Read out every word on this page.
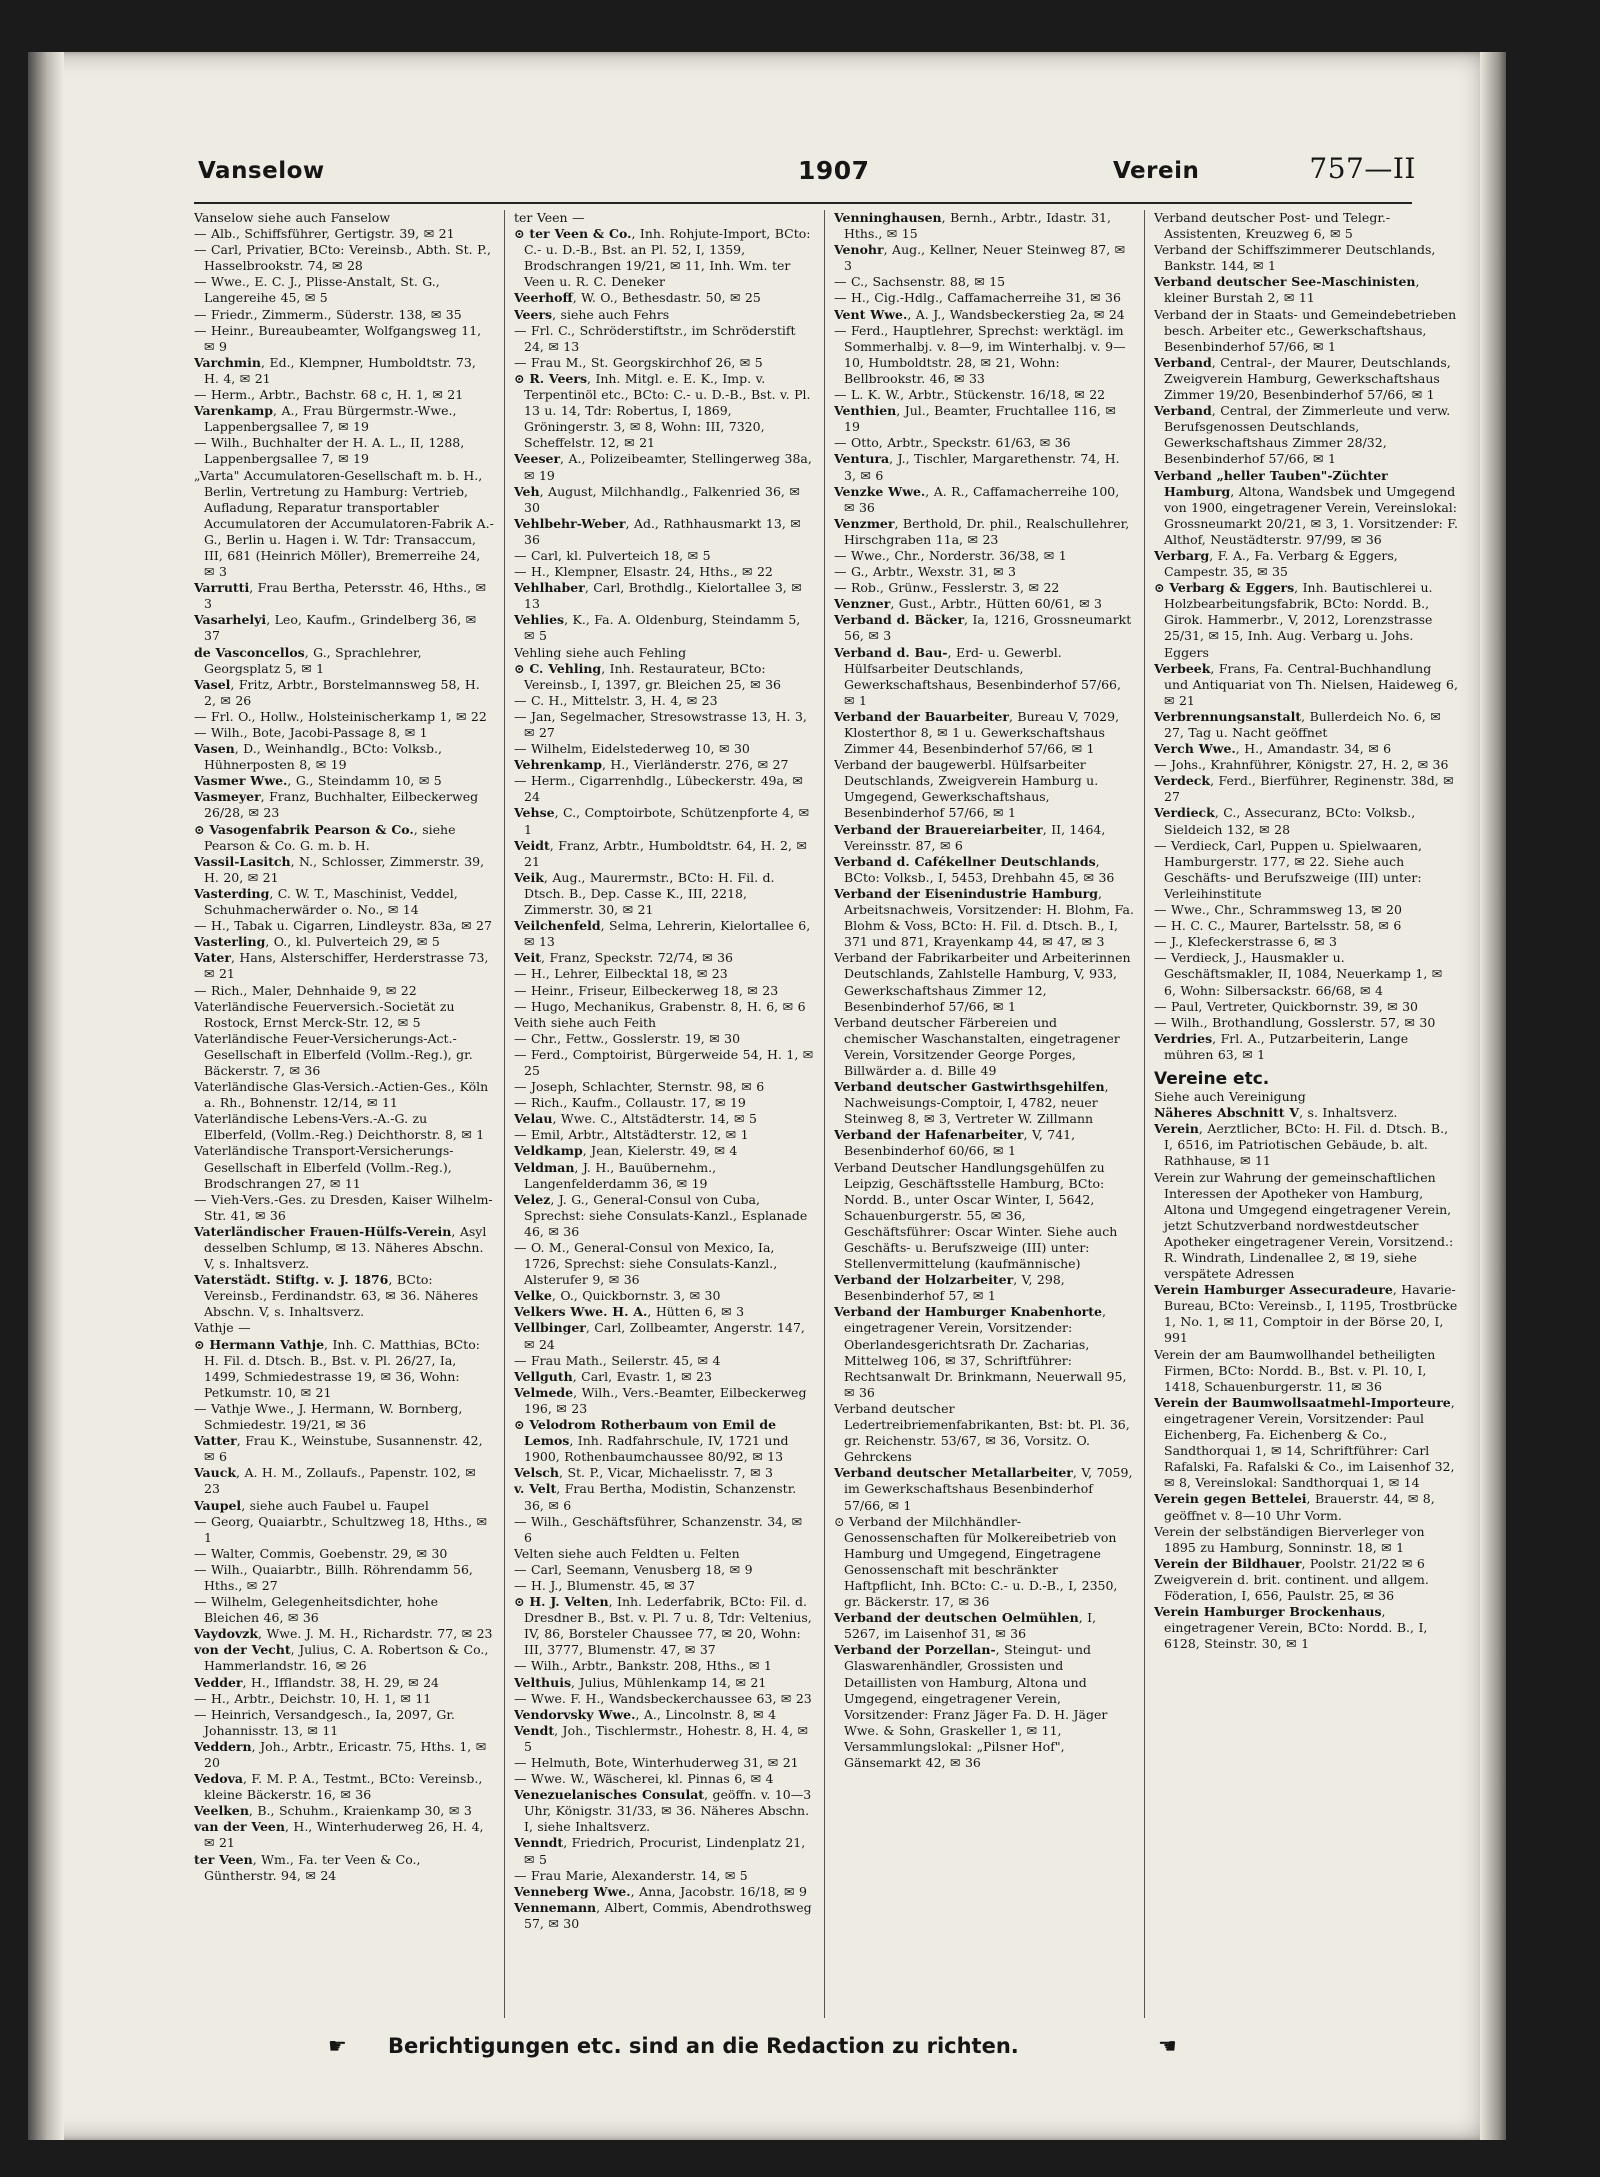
Vanselow	1907	Verein	757—II

Vanselow siehe auch Fanselow

— Alb., Schiffsführer, Gertigstr. 39, ✉ 21

— Carl, Privatier, BCto: Vereinsb., Abth. St. P., Hasselbrookstr. 74, ✉ 28

— Wwe., E. C. J., Plisse-Anstalt, St. G., Langereihe 45, ✉ 5

— Friedr., Zimmerm., Süderstr. 138, ✉ 35

— Heinr., Bureaubeamter, Wolfgangsweg 11, ✉ 9

Varchmin, Ed., Klempner, Humboldtstr. 73, H. 4, ✉ 21

— Herm., Arbtr., Bachstr. 68 c, H. 1, ✉ 21

Varenkamp, A., Frau Bürgermstr.-Wwe., Lappenbergsallee 7, ✉ 19

— Wilh., Buchhalter der H. A. L., II, 1288, Lappenbergsallee 7, ✉ 19

„Varta" Accumulatoren-Gesellschaft m. b. H., Berlin, Vertretung zu Hamburg: Vertrieb, Aufladung, Reparatur transportabler Accumulatoren der Accumulatoren-Fabrik A.-G., Berlin u. Hagen i. W. Tdr: Transaccum, III, 681 (Heinrich Möller), Bremerreihe 24, ✉ 3

Varrutti, Frau Bertha, Petersstr. 46, Hths., ✉ 3

Vasarhelyi, Leo, Kaufm., Grindelberg 36, ✉ 37

de Vasconcellos, G., Sprachlehrer, Georgsplatz 5, ✉ 1

Vasel, Fritz, Arbtr., Borstelmannsweg 58, H. 2, ✉ 26

— Frl. O., Hollw., Holsteinischerkamp 1, ✉ 22

— Wilh., Bote, Jacobi-Passage 8, ✉ 1

Vasen, D., Weinhandlg., BCto: Volksb., Hühnerposten 8, ✉ 19

Vasmer Wwe., G., Steindamm 10, ✉ 5

Vasmeyer, Franz, Buchhalter, Eilbeckerweg 26/28, ✉ 23

⊙ Vasogenfabrik Pearson & Co., siehe Pearson & Co. G. m. b. H.

Vassil-Lasitch, N., Schlosser, Zimmerstr. 39, H. 20, ✉ 21

Vasterding, C. W. T., Maschinist, Veddel, Schuhmacherwärder o. No., ✉ 14

— H., Tabak u. Cigarren, Lindleystr. 83a, ✉ 27

Vasterling, O., kl. Pulverteich 29, ✉ 5

Vater, Hans, Alsterschiffer, Herderstrasse 73, ✉ 21

— Rich., Maler, Dehnhaide 9, ✉ 22

Vaterländische Feuerversich.-Societät zu Rostock, Ernst Merck-Str. 12, ✉ 5

Vaterländische Feuer-Versicherungs-Act.-Gesellschaft in Elberfeld (Vollm.-Reg.), gr. Bäckerstr. 7, ✉ 36

Vaterländische Glas-Versich.-Actien-Ges., Köln a. Rh., Bohnenstr. 12/14, ✉ 11

Vaterländische Lebens-Vers.-A.-G. zu Elberfeld, (Vollm.-Reg.) Deichthorstr. 8, ✉ 1

Vaterländische Transport-Versicherungs-Gesellschaft in Elberfeld (Vollm.-Reg.), Brodschrangen 27, ✉ 11

— Vieh-Vers.-Ges. zu Dresden, Kaiser Wilhelm-Str. 41, ✉ 36

Vaterländischer Frauen-Hülfs-Verein, Asyl desselben Schlump, ✉ 13. Näheres Abschn. V, s. Inhaltsverz.

Vaterstädt. Stiftg. v. J. 1876, BCto: Vereinsb., Ferdinandstr. 63, ✉ 36. Näheres Abschn. V, s. Inhaltsverz.

Vathje —

⊙ Hermann Vathje, Inh. C. Matthias, BCto: H. Fil. d. Dtsch. B., Bst. v. Pl. 26/27, Ia, 1499, Schmiedestrasse 19, ✉ 36, Wohn: Petkumstr. 10, ✉ 21

— Vathje Wwe., J. Hermann, W. Bornberg, Schmiedestr. 19/21, ✉ 36

Vatter, Frau K., Weinstube, Susannenstr. 42, ✉ 6

Vauck, A. H. M., Zollaufs., Papenstr. 102, ✉ 23

Vaupel, siehe auch Faubel u. Faupel

— Georg, Quaiarbtr., Schultzweg 18, Hths., ✉ 1

— Walter, Commis, Goebenstr. 29, ✉ 30

— Wilh., Quaiarbtr., Billh. Röhrendamm 56, Hths., ✉ 27

— Wilhelm, Gelegenheitsdichter, hohe Bleichen 46, ✉ 36

Vaydovzk, Wwe. J. M. H., Richardstr. 77, ✉ 23

von der Vecht, Julius, C. A. Robertson & Co., Hammerlandstr. 16, ✉ 26

Vedder, H., Ifflandstr. 38, H. 29, ✉ 24

— H., Arbtr., Deichstr. 10, H. 1, ✉ 11

— Heinrich, Versandgesch., Ia, 2097, Gr. Johannisstr. 13, ✉ 11

Veddern, Joh., Arbtr., Ericastr. 75, Hths. 1, ✉ 20

Vedova, F. M. P. A., Testmt., BCto: Vereinsb., kleine Bäckerstr. 16, ✉ 36

Veelken, B., Schuhm., Kraienkamp 30, ✉ 3

van der Veen, H., Winterhuderweg 26, H. 4, ✉ 21

ter Veen, Wm., Fa. ter Veen & Co., Güntherstr. 94, ✉ 24

ter Veen —

⊙ ter Veen & Co., Inh. Rohjute-Import, BCto: C.- u. D.-B., Bst. an Pl. 52, I, 1359, Brodschrangen 19/21, ✉ 11, Inh. Wm. ter Veen u. R. C. Deneker

Veerhoff, W. O., Bethesdastr. 50, ✉ 25

Veers, siehe auch Fehrs

— Frl. C., Schröderstiftstr., im Schröderstift 24, ✉ 13

— Frau M., St. Georgskirchhof 26, ✉ 5

⊙ R. Veers, Inh. Mitgl. e. E. K., Imp. v. Terpentinöl etc., BCto: C.- u. D.-B., Bst. v. Pl. 13 u. 14, Tdr: Robertus, I, 1869, Gröningerstr. 3, ✉ 8, Wohn: III, 7320, Scheffelstr. 12, ✉ 21

Veeser, A., Polizeibeamter, Stellingerweg 38a, ✉ 19

Veh, August, Milchhandlg., Falkenried 36, ✉ 30

Vehlbehr-Weber, Ad., Rathhausmarkt 13, ✉ 36

— Carl, kl. Pulverteich 18, ✉ 5

— H., Klempner, Elsastr. 24, Hths., ✉ 22

Vehlhaber, Carl, Brothdlg., Kielortallee 3, ✉ 13

Vehlies, K., Fa. A. Oldenburg, Steindamm 5, ✉ 5

Vehling siehe auch Fehling

⊙ C. Vehling, Inh. Restaurateur, BCto: Vereinsb., I, 1397, gr. Bleichen 25, ✉ 36

— C. H., Mittelstr. 3, H. 4, ✉ 23

— Jan, Segelmacher, Stresowstrasse 13, H. 3, ✉ 27

— Wilhelm, Eidelstederweg 10, ✉ 30

Vehrenkamp, H., Vierländerstr. 276, ✉ 27

— Herm., Cigarrenhdlg., Lübeckerstr. 49a, ✉ 24

Vehse, C., Comptoirbote, Schützenpforte 4, ✉ 1

Veidt, Franz, Arbtr., Humboldtstr. 64, H. 2, ✉ 21

Veik, Aug., Maurermstr., BCto: H. Fil. d. Dtsch. B., Dep. Casse K., III, 2218, Zimmerstr. 30, ✉ 21

Veilchenfeld, Selma, Lehrerin, Kielortallee 6, ✉ 13

Veit, Franz, Speckstr. 72/74, ✉ 36

— H., Lehrer, Eilbecktal 18, ✉ 23

— Heinr., Friseur, Eilbeckerweg 18, ✉ 23

— Hugo, Mechanikus, Grabenstr. 8, H. 6, ✉ 6

Veith siehe auch Feith

— Chr., Fettw., Gosslerstr. 19, ✉ 30

— Ferd., Comptoirist, Bürgerweide 54, H. 1, ✉ 25

— Joseph, Schlachter, Sternstr. 98, ✉ 6

— Rich., Kaufm., Collaustr. 17, ✉ 19

Velau, Wwe. C., Altstädterstr. 14, ✉ 5

— Emil, Arbtr., Altstädterstr. 12, ✉ 1

Veldkamp, Jean, Kielerstr. 49, ✉ 4

Veldman, J. H., Bauübernehm., Langenfelderdamm 36, ✉ 19

Velez, J. G., General-Consul von Cuba, Sprechst: siehe Consulats-Kanzl., Esplanade 46, ✉ 36

— O. M., General-Consul von Mexico, Ia, 1726, Sprechst: siehe Consulats-Kanzl., Alsterufer 9, ✉ 36

Velke, O., Quickbornstr. 3, ✉ 30

Velkers Wwe. H. A., Hütten 6, ✉ 3

Vellbinger, Carl, Zollbeamter, Angerstr. 147, ✉ 24

— Frau Math., Seilerstr. 45, ✉ 4

Vellguth, Carl, Evastr. 1, ✉ 23

Velmede, Wilh., Vers.-Beamter, Eilbeckerweg 196, ✉ 23

⊙ Velodrom Rotherbaum von Emil de Lemos, Inh. Radfahrschule, IV, 1721 und 1900, Rothenbaumchaussee 80/92, ✉ 13

Velsch, St. P., Vicar, Michaelisstr. 7, ✉ 3

v. Velt, Frau Bertha, Modistin, Schanzenstr. 36, ✉ 6

— Wilh., Geschäftsführer, Schanzenstr. 34, ✉ 6

Velten siehe auch Feldten u. Felten

— Carl, Seemann, Venusberg 18, ✉ 9

— H. J., Blumenstr. 45, ✉ 37

⊙ H. J. Velten, Inh. Lederfabrik, BCto: Fil. d. Dresdner B., Bst. v. Pl. 7 u. 8, Tdr: Veltenius, IV, 86, Borsteler Chaussee 77, ✉ 20, Wohn: III, 3777, Blumenstr. 47, ✉ 37

— Wilh., Arbtr., Bankstr. 208, Hths., ✉ 1

Velthuis, Julius, Mühlenkamp 14, ✉ 21

— Wwe. F. H., Wandsbeckerchaussee 63, ✉ 23

Vendorvsky Wwe., A., Lincolnstr. 8, ✉ 4

Vendt, Joh., Tischlermstr., Hohestr. 8, H. 4, ✉ 5

— Helmuth, Bote, Winterhuderweg 31, ✉ 21

— Wwe. W., Wäscherei, kl. Pinnas 6, ✉ 4

Venezuelanisches Consulat, geöffn. v. 10—3 Uhr, Königstr. 31/33, ✉ 36. Näheres Abschn. I, siehe Inhaltsverz.

Venndt, Friedrich, Procurist, Lindenplatz 21, ✉ 5

— Frau Marie, Alexanderstr. 14, ✉ 5

Venneberg Wwe., Anna, Jacobstr. 16/18, ✉ 9

Vennemann, Albert, Commis, Abendrothsweg 57, ✉ 30

Venninghausen, Bernh., Arbtr., Idastr. 31, Hths., ✉ 15

Venohr, Aug., Kellner, Neuer Steinweg 87, ✉ 3

— C., Sachsenstr. 88, ✉ 15

— H., Cig.-Hdlg., Caffamacherreihe 31, ✉ 36

Vent Wwe., A. J., Wandsbeckerstieg 2a, ✉ 24

— Ferd., Hauptlehrer, Sprechst: werktägl. im Sommerhalbj. v. 8—9, im Winterhalbj. v. 9—10, Humboldtstr. 28, ✉ 21, Wohn: Bellbrookstr. 46, ✉ 33

— L. K. W., Arbtr., Stückenstr. 16/18, ✉ 22

Venthien, Jul., Beamter, Fruchtallee 116, ✉ 19

— Otto, Arbtr., Speckstr. 61/63, ✉ 36

Ventura, J., Tischler, Margarethenstr. 74, H. 3, ✉ 6

Venzke Wwe., A. R., Caffamacherreihe 100, ✉ 36

Venzmer, Berthold, Dr. phil., Realschullehrer, Hirschgraben 11a, ✉ 23

— Wwe., Chr., Norderstr. 36/38, ✉ 1

— G., Arbtr., Wexstr. 31, ✉ 3

— Rob., Grünw., Fesslerstr. 3, ✉ 22

Venzner, Gust., Arbtr., Hütten 60/61, ✉ 3

Verband d. Bäcker, Ia, 1216, Grossneumarkt 56, ✉ 3

Verband d. Bau-, Erd- u. Gewerbl. Hülfsarbeiter Deutschlands, Gewerkschaftshaus, Besenbinderhof 57/66, ✉ 1

Verband der Bauarbeiter, Bureau V, 7029, Klosterthor 8, ✉ 1 u. Gewerkschaftshaus Zimmer 44, Besenbinderhof 57/66, ✉ 1

Verband der baugewerbl. Hülfsarbeiter Deutschlands, Zweigverein Hamburg u. Umgegend, Gewerkschaftshaus, Besenbinderhof 57/66, ✉ 1

Verband der Brauereiarbeiter, II, 1464, Vereinsstr. 87, ✉ 6

Verband d. Cafékellner Deutschlands, BCto: Volksb., I, 5453, Drehbahn 45, ✉ 36

Verband der Eisenindustrie Hamburg, Arbeitsnachweis, Vorsitzender: H. Blohm, Fa. Blohm & Voss, BCto: H. Fil. d. Dtsch. B., I, 371 und 871, Krayenkamp 44, ✉ 47, ✉ 3

Verband der Fabrikarbeiter und Arbeiterinnen Deutschlands, Zahlstelle Hamburg, V, 933, Gewerkschaftshaus Zimmer 12, Besenbinderhof 57/66, ✉ 1

Verband deutscher Färbereien und chemischer Waschanstalten, eingetragener Verein, Vorsitzender George Porges, Billwärder a. d. Bille 49

Verband deutscher Gastwirthsgehilfen, Nachweisungs-Comptoir, I, 4782, neuer Steinweg 8, ✉ 3, Vertreter W. Zillmann

Verband der Hafenarbeiter, V, 741, Besenbinderhof 60/66, ✉ 1

Verband Deutscher Handlungsgehülfen zu Leipzig, Geschäftsstelle Hamburg, BCto: Nordd. B., unter Oscar Winter, I, 5642, Schauenburgerstr. 55, ✉ 36, Geschäftsführer: Oscar Winter. Siehe auch Geschäfts- u. Berufszweige (III) unter: Stellenvermittelung (kaufmännische)

Verband der Holzarbeiter, V, 298, Besenbinderhof 57, ✉ 1

Verband der Hamburger Knabenhorte, eingetragener Verein, Vorsitzender: Oberlandesgerichtsrath Dr. Zacharias, Mittelweg 106, ✉ 37, Schriftführer: Rechtsanwalt Dr. Brinkmann, Neuerwall 95, ✉ 36

Verband deutscher Ledertreibriemenfabrikanten, Bst: bt. Pl. 36, gr. Reichenstr. 53/67, ✉ 36, Vorsitz. O. Gehrckens

Verband deutscher Metallarbeiter, V, 7059, im Gewerkschaftshaus Besenbinderhof 57/66, ✉ 1

⊙ Verband der Milchhändler-Genossenschaften für Molkereibetrieb von Hamburg und Umgegend, Eingetragene Genossenschaft mit beschränkter Haftpflicht, Inh. BCto: C.- u. D.-B., I, 2350, gr. Bäckerstr. 17, ✉ 36

Verband der deutschen Oelmühlen, I, 5267, im Laisenhof 31, ✉ 36

Verband der Porzellan-, Steingut- und Glaswarenhändler, Grossisten und Detaillisten von Hamburg, Altona und Umgegend, eingetragener Verein, Vorsitzender: Franz Jäger Fa. D. H. Jäger Wwe. & Sohn, Graskeller 1, ✉ 11, Versammlungslokal: „Pilsner Hof", Gänsemarkt 42, ✉ 36

Verband deutscher Post- und Telegr.-Assistenten, Kreuzweg 6, ✉ 5

Verband der Schiffszimmerer Deutschlands, Bankstr. 144, ✉ 1

Verband deutscher See-Maschinisten, kleiner Burstah 2, ✉ 11

Verband der in Staats- und Gemeindebetrieben besch. Arbeiter etc., Gewerkschaftshaus, Besenbinderhof 57/66, ✉ 1

Verband, Central-, der Maurer, Deutschlands, Zweigverein Hamburg, Gewerkschaftshaus Zimmer 19/20, Besenbinderhof 57/66, ✉ 1

Verband, Central, der Zimmerleute und verw. Berufsgenossen Deutschlands, Gewerkschaftshaus Zimmer 28/32, Besenbinderhof 57/66, ✉ 1

Verband „heller Tauben"-Züchter Hamburg, Altona, Wandsbek und Umgegend von 1900, eingetragener Verein, Vereinslokal: Grossneumarkt 20/21, ✉ 3, 1. Vorsitzender: F. Althof, Neustädterstr. 97/99, ✉ 36

Verbarg, F. A., Fa. Verbarg & Eggers, Campestr. 35, ✉ 35

⊙ Verbarg & Eggers, Inh. Bautischlerei u. Holzbearbeitungsfabrik, BCto: Nordd. B., Girok. Hammerbr., V, 2012, Lorenzstrasse 25/31, ✉ 15, Inh. Aug. Verbarg u. Johs. Eggers

Verbeek, Frans, Fa. Central-Buchhandlung und Antiquariat von Th. Nielsen, Haideweg 6, ✉ 21

Verbrennungsanstalt, Bullerdeich No. 6, ✉ 27, Tag u. Nacht geöffnet

Verch Wwe., H., Amandastr. 34, ✉ 6

— Johs., Krahnführer, Königstr. 27, H. 2, ✉ 36

Verdeck, Ferd., Bierführer, Reginenstr. 38d, ✉ 27

Verdieck, C., Assecuranz, BCto: Volksb., Sieldeich 132, ✉ 28

— Verdieck, Carl, Puppen u. Spielwaaren, Hamburgerstr. 177, ✉ 22. Siehe auch Geschäfts- und Berufszweige (III) unter: Verleihinstitute

— Wwe., Chr., Schrammsweg 13, ✉ 20

— H. C. C., Maurer, Bartelsstr. 58, ✉ 6

— J., Klefeckerstrasse 6, ✉ 3

— Verdieck, J., Hausmakler u. Geschäftsmakler, II, 1084, Neuerkamp 1, ✉ 6, Wohn: Silbersackstr. 66/68, ✉ 4

— Paul, Vertreter, Quickbornstr. 39, ✉ 30

— Wilh., Brothandlung, Gosslerstr. 57, ✉ 30

Verdries, Frl. A., Putzarbeiterin, Lange mühren 63, ✉ 1

Vereine etc.

Siehe auch Vereinigung

Näheres Abschnitt V, s. Inhaltsverz.

Verein, Aerztlicher, BCto: H. Fil. d. Dtsch. B., I, 6516, im Patriotischen Gebäude, b. alt. Rathhause, ✉ 11

Verein zur Wahrung der gemeinschaftlichen Interessen der Apotheker von Hamburg, Altona und Umgegend eingetragener Verein, jetzt Schutzverband nordwestdeutscher Apotheker eingetragener Verein, Vorsitzend.: R. Windrath, Lindenallee 2, ✉ 19, siehe verspätete Adressen

Verein Hamburger Assecuradeure, Havarie-Bureau, BCto: Vereinsb., I, 1195, Trostbrücke 1, No. 1, ✉ 11, Comptoir in der Börse 20, I, 991

Verein der am Baumwollhandel betheiligten Firmen, BCto: Nordd. B., Bst. v. Pl. 10, I, 1418, Schauenburgerstr. 11, ✉ 36

Verein der Baumwollsaatmehl-Importeure, eingetragener Verein, Vorsitzender: Paul Eichenberg, Fa. Eichenberg & Co., Sandthorquai 1, ✉ 14, Schriftführer: Carl Rafalski, Fa. Rafalski & Co., im Laisenhof 32, ✉ 8, Vereinslokal: Sandthorquai 1, ✉ 14

Verein gegen Bettelei, Brauerstr. 44, ✉ 8, geöffnet v. 8—10 Uhr Vorm.

Verein der selbständigen Bierverleger von 1895 zu Hamburg, Sonninstr. 18, ✉ 1

Verein der Bildhauer, Poolstr. 21/22 ✉ 6

Zweigverein d. brit. continent. und allgem. Föderation, I, 656, Paulstr. 25, ✉ 36

Verein Hamburger Brockenhaus, eingetragener Verein, BCto: Nordd. B., I, 6128, Steinstr. 30, ✉ 1

☛ Berichtigungen etc. sind an die Redaction zu richten.	☚
